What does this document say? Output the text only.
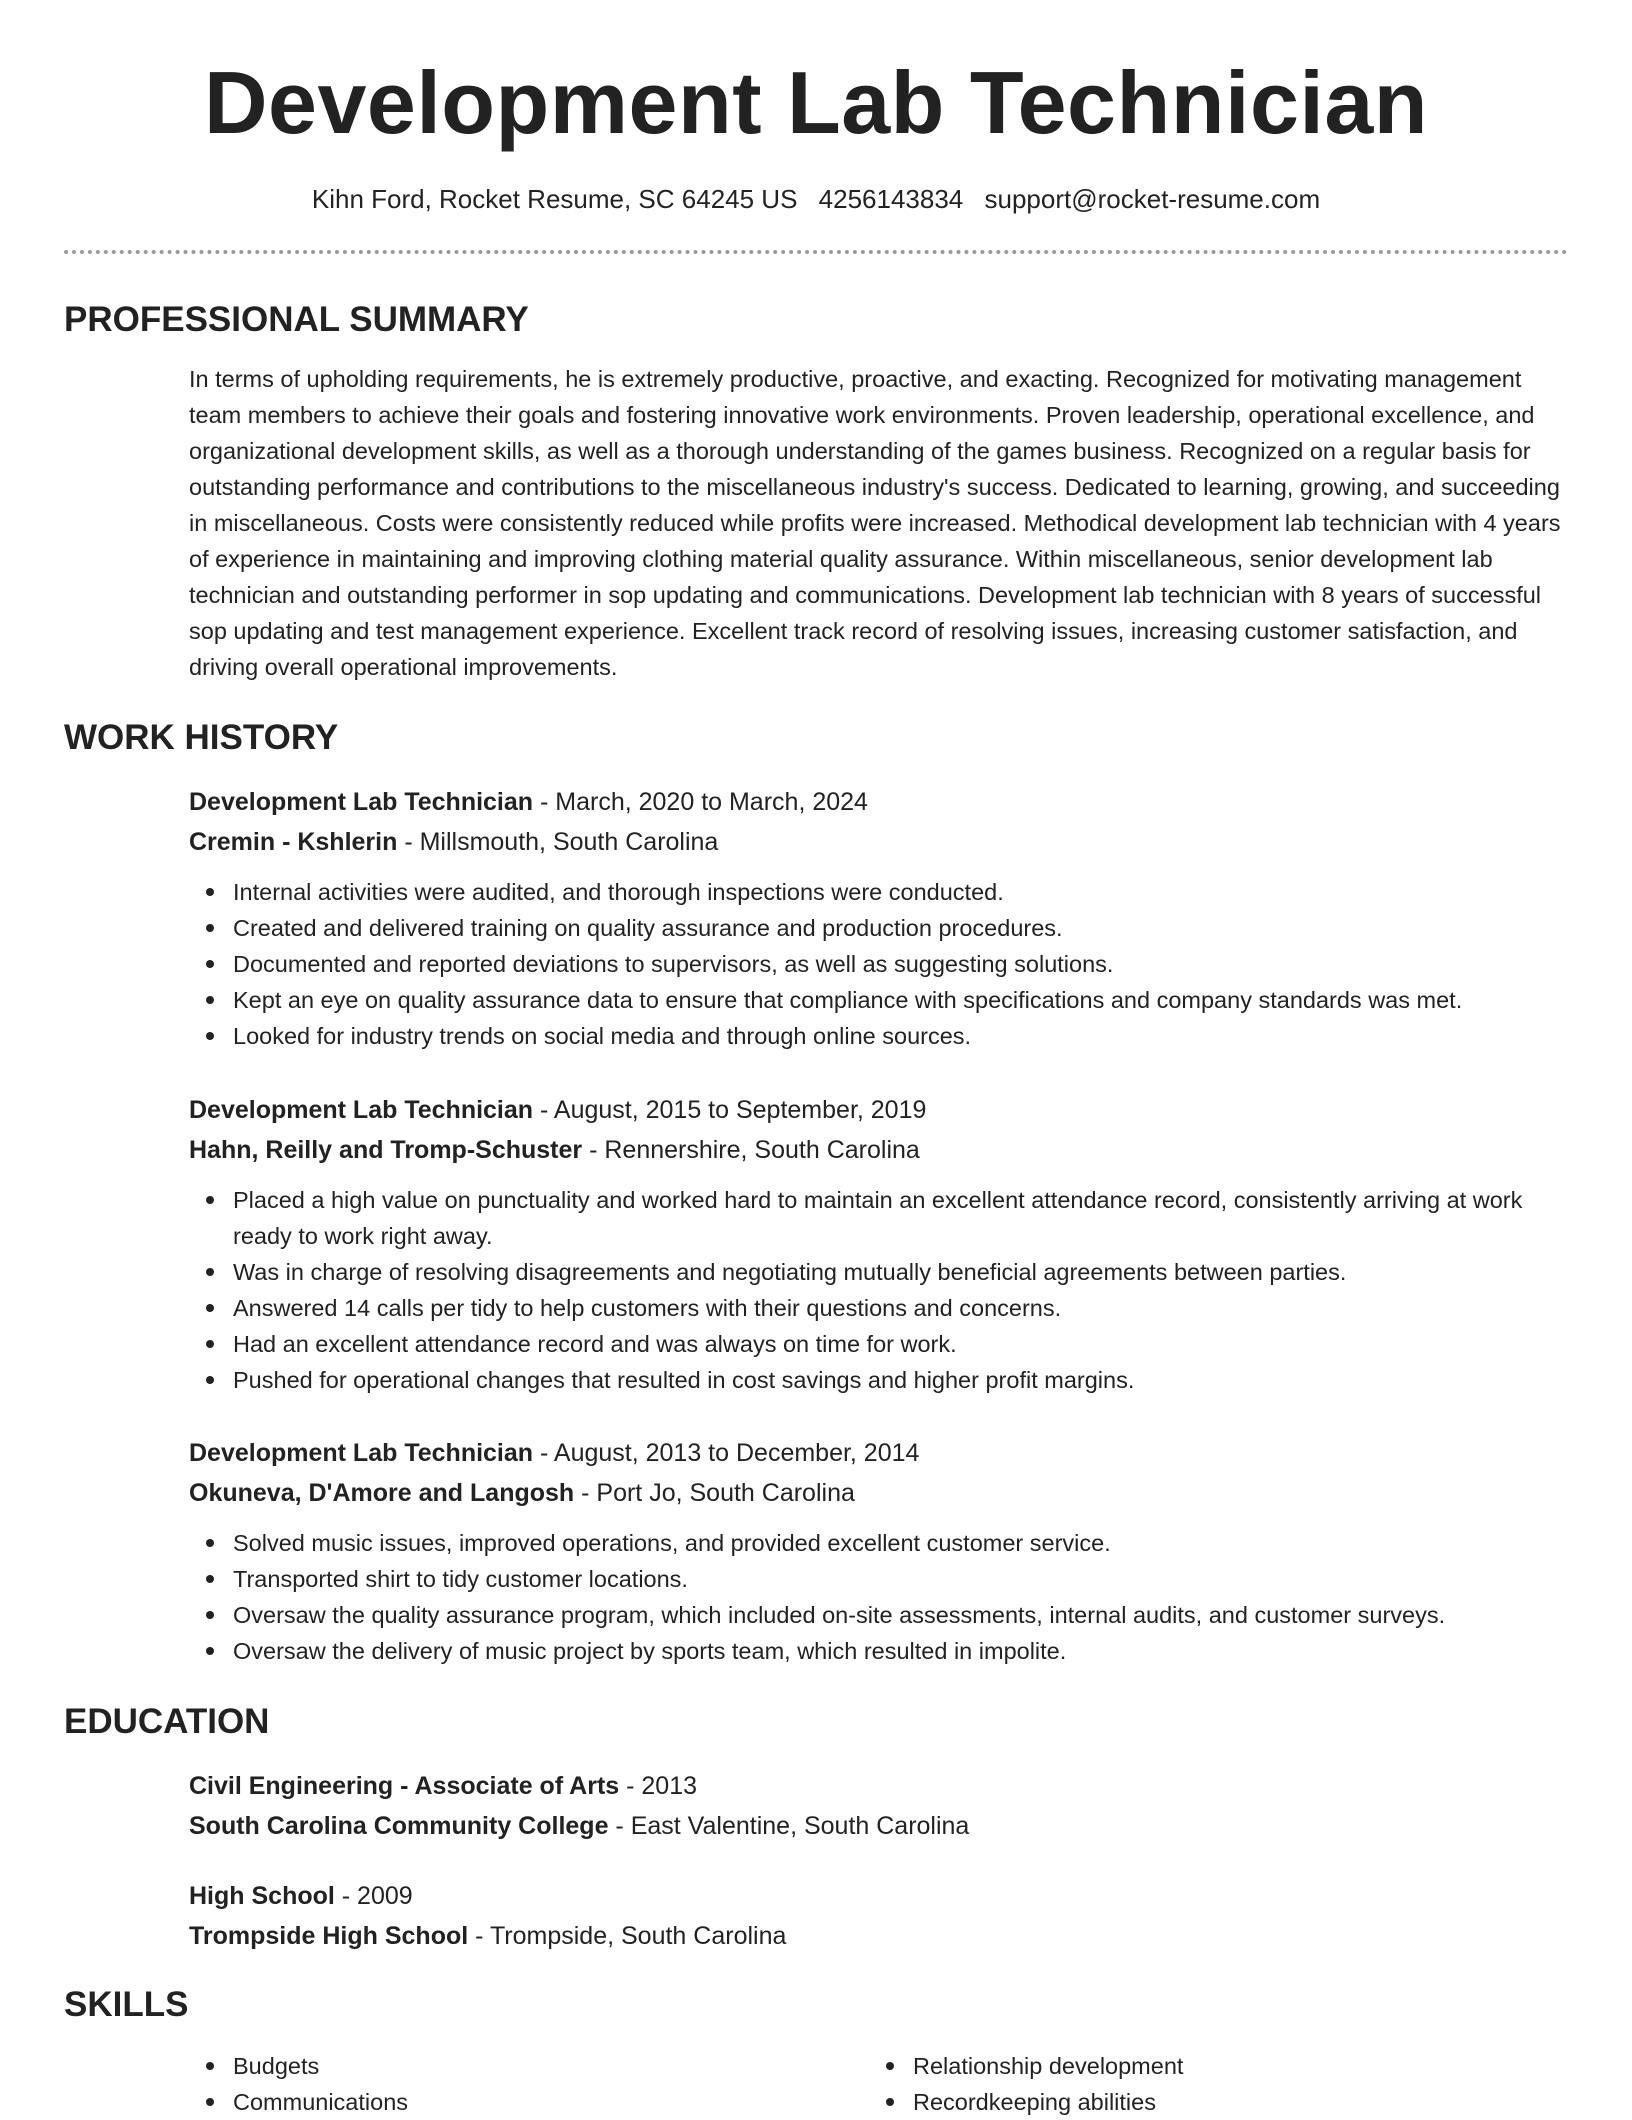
Development Lab Technician
Kihn Ford, Rocket Resume, SC 64245 US 4256143834 support@rocket-resume.com
PROFESSIONAL SUMMARY

In terms of upholding requirements, he is extremely productive, proactive, and exacting. Recognized for motivating management team members to achieve their goals and fostering innovative work environments. Proven leadership, operational excellence, and organizational development skills, as well as a thorough understanding of the games business. Recognized on a regular basis for outstanding performance and contributions to the miscellaneous industry's success. Dedicated to learning, growing, and succeeding in miscellaneous. Costs were consistently reduced while profits were increased. Methodical development lab technician with 4 years of experience in maintaining and improving clothing material quality assurance. Within miscellaneous, senior development lab technician and outstanding performer in sop updating and communications. Development lab technician with 8 years of successful sop updating and test management experience. Excellent track record of resolving issues, increasing customer satisfaction, and driving overall operational improvements.

WORK HISTORY
Development Lab Technician - March, 2020 to March, 2024
Cremin - Kshlerin - Millsmouth, South Carolina
Internal activities were audited, and thorough inspections were conducted.
Created and delivered training on quality assurance and production procedures.
Documented and reported deviations to supervisors, as well as suggesting solutions.
Kept an eye on quality assurance data to ensure that compliance with specifications and company standards was met.
Looked for industry trends on social media and through online sources.
Development Lab Technician - August, 2015 to September, 2019
Hahn, Reilly and Tromp-Schuster - Rennershire, South Carolina
Placed a high value on punctuality and worked hard to maintain an excellent attendance record, consistently arriving at work ready to work right away.
Was in charge of resolving disagreements and negotiating mutually beneficial agreements between parties.
Answered 14 calls per tidy to help customers with their questions and concerns.
Had an excellent attendance record and was always on time for work.
Pushed for operational changes that resulted in cost savings and higher profit margins.
Development Lab Technician - August, 2013 to December, 2014
Okuneva, D'Amore and Langosh - Port Jo, South Carolina
Solved music issues, improved operations, and provided excellent customer service.
Transported shirt to tidy customer locations.
Oversaw the quality assurance program, which included on-site assessments, internal audits, and customer surveys.
Oversaw the delivery of music project by sports team, which resulted in impolite.
EDUCATION
Civil Engineering - Associate of Arts - 2013
South Carolina Community College - East Valentine, South Carolina
High School - 2009
Trompside High School - Trompside, South Carolina
SKILLS
Budgets
Communications
Relationship development
Recordkeeping abilities
